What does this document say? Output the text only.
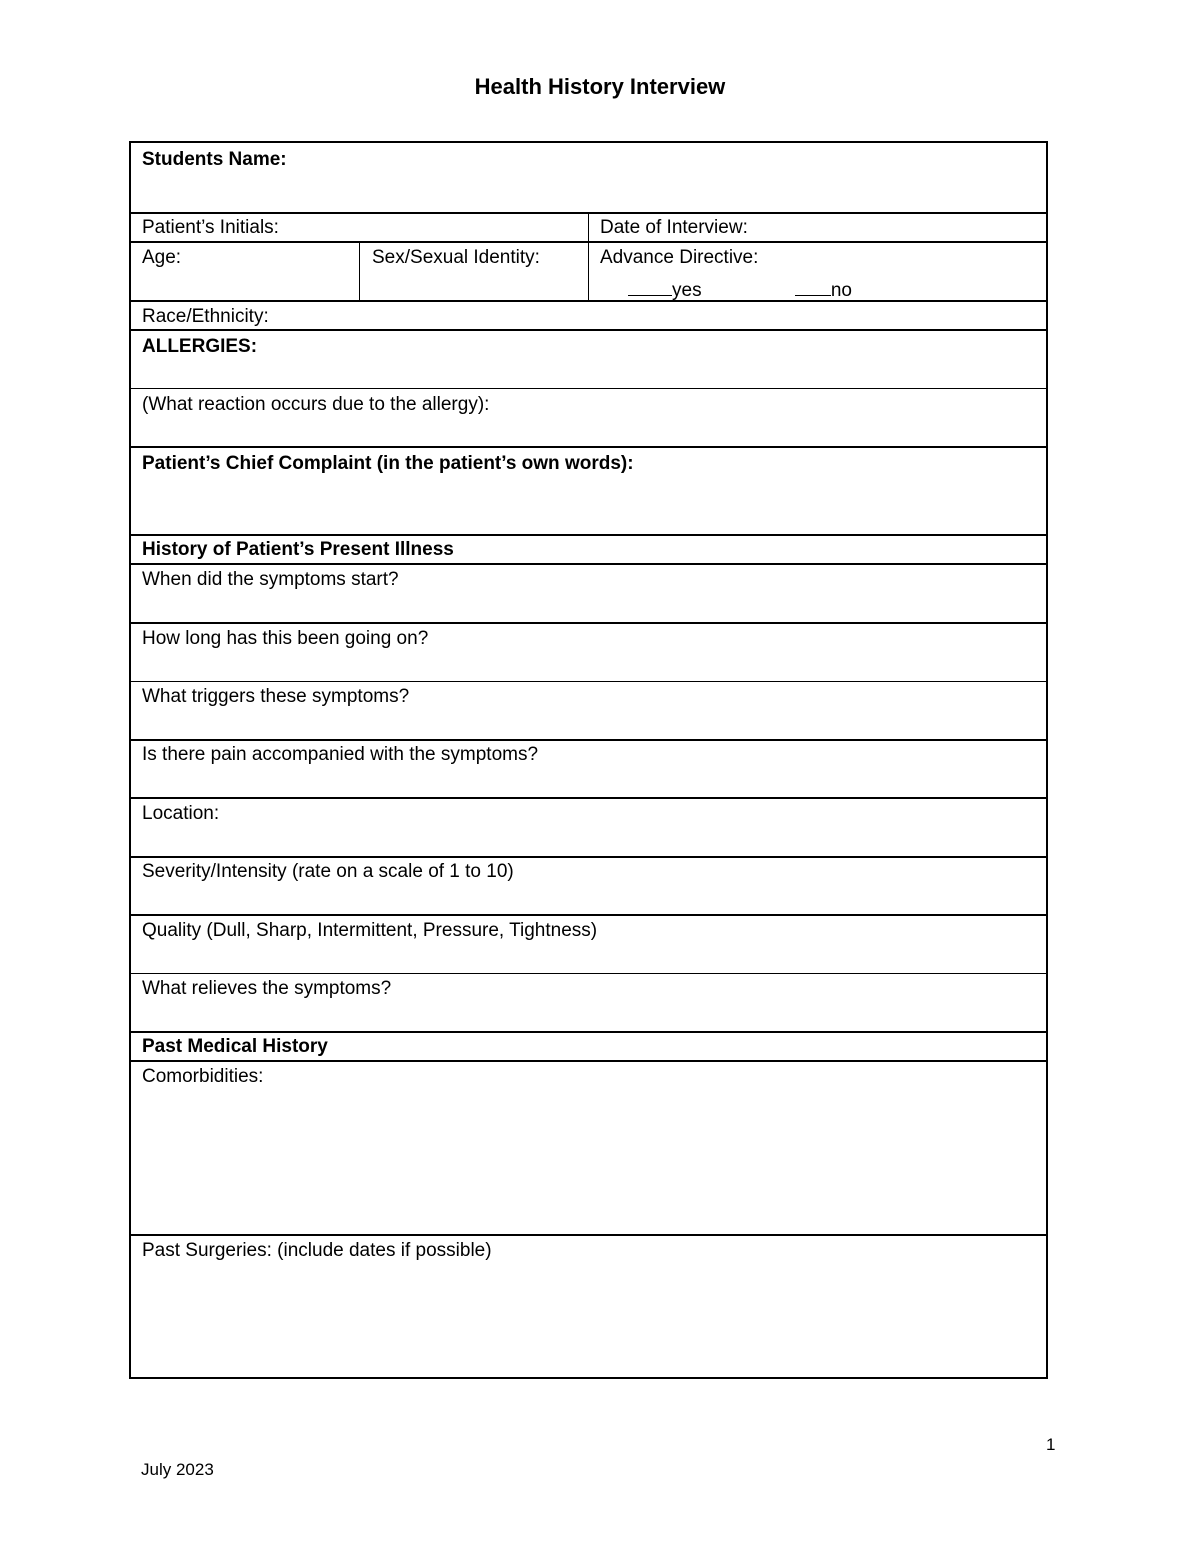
Health History Interview
Students Name:
Patient’s Initials:	Date of Interview:
Age:	Sex/Sexual Identity:	Advance Directive:
yes	no
Race/Ethnicity:
ALLERGIES:
(What reaction occurs due to the allergy):
Patient’s Chief Complaint (in the patient’s own words):
History of Patient’s Present Illness
When did the symptoms start?
How long has this been going on?
What triggers these symptoms?
Is there pain accompanied with the symptoms?
Location:
Severity/Intensity (rate on a scale of 1 to 10)
Quality (Dull, Sharp, Intermittent, Pressure, Tightness)
What relieves the symptoms?
Past Medical History
Comorbidities:
Past Surgeries: (include dates if possible)
1
July 2023
